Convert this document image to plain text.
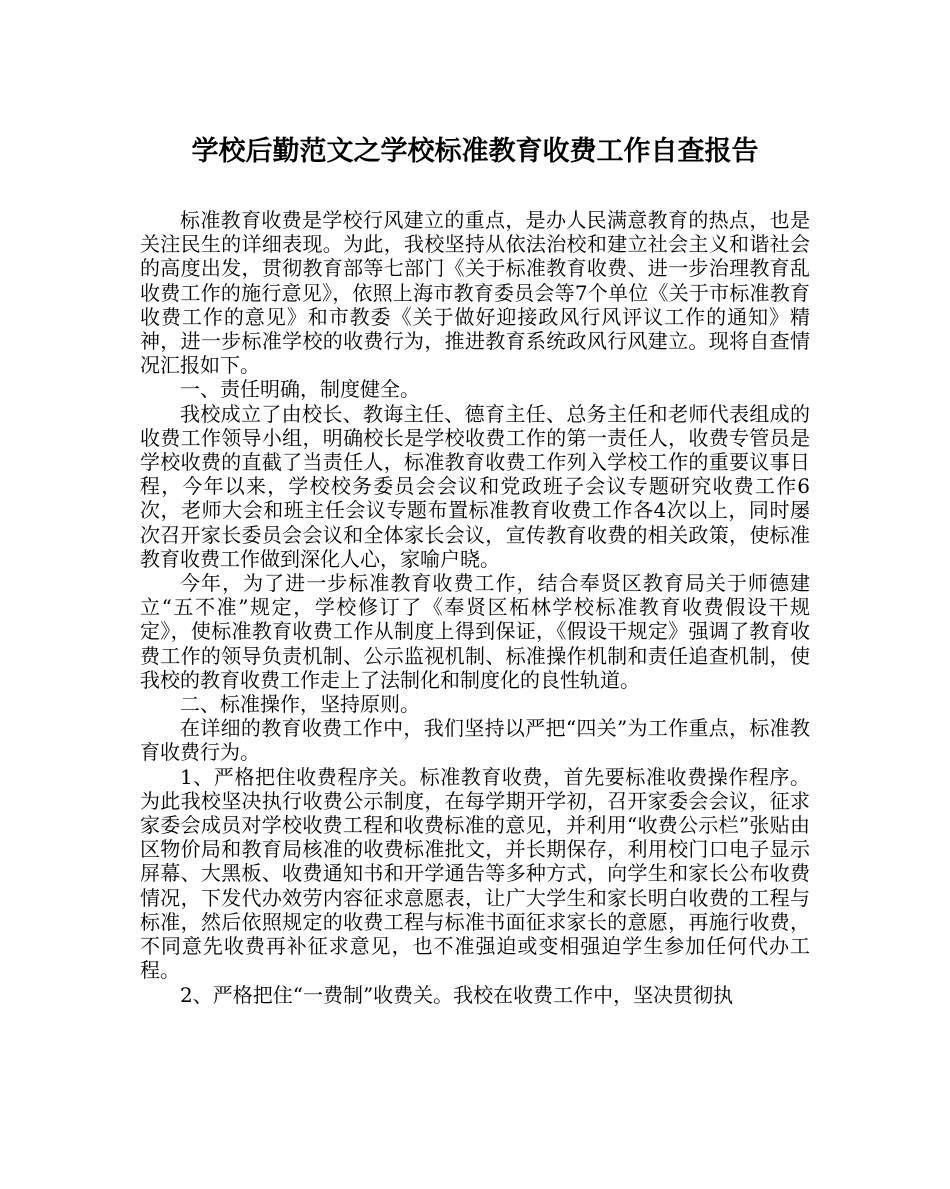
学校后勤范文之学校标准教育收费工作自查报告

标准教育收费是学校行风建立的重点，是办人民满意教育的热点，也是关注民生的详细表现。为此，我校坚持从依法治校和建立社会主义和谐社会的高度出发，贯彻教育部等七部门《关于标准教育收费、进一步治理教育乱收费工作的施行意见》，依照上海市教育委员会等7个单位《关于市标准教育收费工作的意见》和市教委《关于做好迎接政风行风评议工作的通知》精神，进一步标准学校的收费行为，推进教育系统政风行风建立。现将自查情况汇报如下。

一、责任明确，制度健全。

我校成立了由校长、教诲主任、德育主任、总务主任和老师代表组成的收费工作领导小组，明确校长是学校收费工作的第一责任人，收费专管员是学校收费的直截了当责任人，标准教育收费工作列入学校工作的重要议事日程，今年以来，学校校务委员会会议和党政班子会议专题研究收费工作6次，老师大会和班主任会议专题布置标准教育收费工作各4次以上，同时屡次召开家长委员会会议和全体家长会议，宣传教育收费的相关政策，使标准教育收费工作做到深化人心，家喻户晓。

今年，为了进一步标准教育收费工作，结合奉贤区教育局关于师德建立“五不准”规定，学校修订了《奉贤区柘林学校标准教育收费假设干规定》，使标准教育收费工作从制度上得到保证，《假设干规定》强调了教育收费工作的领导负责机制、公示监视机制、标准操作机制和责任追查机制，使我校的教育收费工作走上了法制化和制度化的良性轨道。

二、标准操作，坚持原则。

在详细的教育收费工作中，我们坚持以严把“四关”为工作重点，标准教育收费行为。

1、严格把住收费程序关。标准教育收费，首先要标准收费操作程序。为此我校坚决执行收费公示制度，在每学期开学初，召开家委会会议，征求家委会成员对学校收费工程和收费标准的意见，并利用“收费公示栏”张贴由区物价局和教育局核准的收费标准批文，并长期保存，利用校门口电子显示屏幕、大黑板、收费通知书和开学通告等多种方式，向学生和家长公布收费情况，下发代办效劳内容征求意愿表，让广大学生和家长明白收费的工程与标准，然后依照规定的收费工程与标准书面征求家长的意愿，再施行收费，不同意先收费再补征求意见，也不准强迫或变相强迫学生参加任何代办工程。

2、严格把住“一费制”收费关。我校在收费工作中，坚决贯彻执
